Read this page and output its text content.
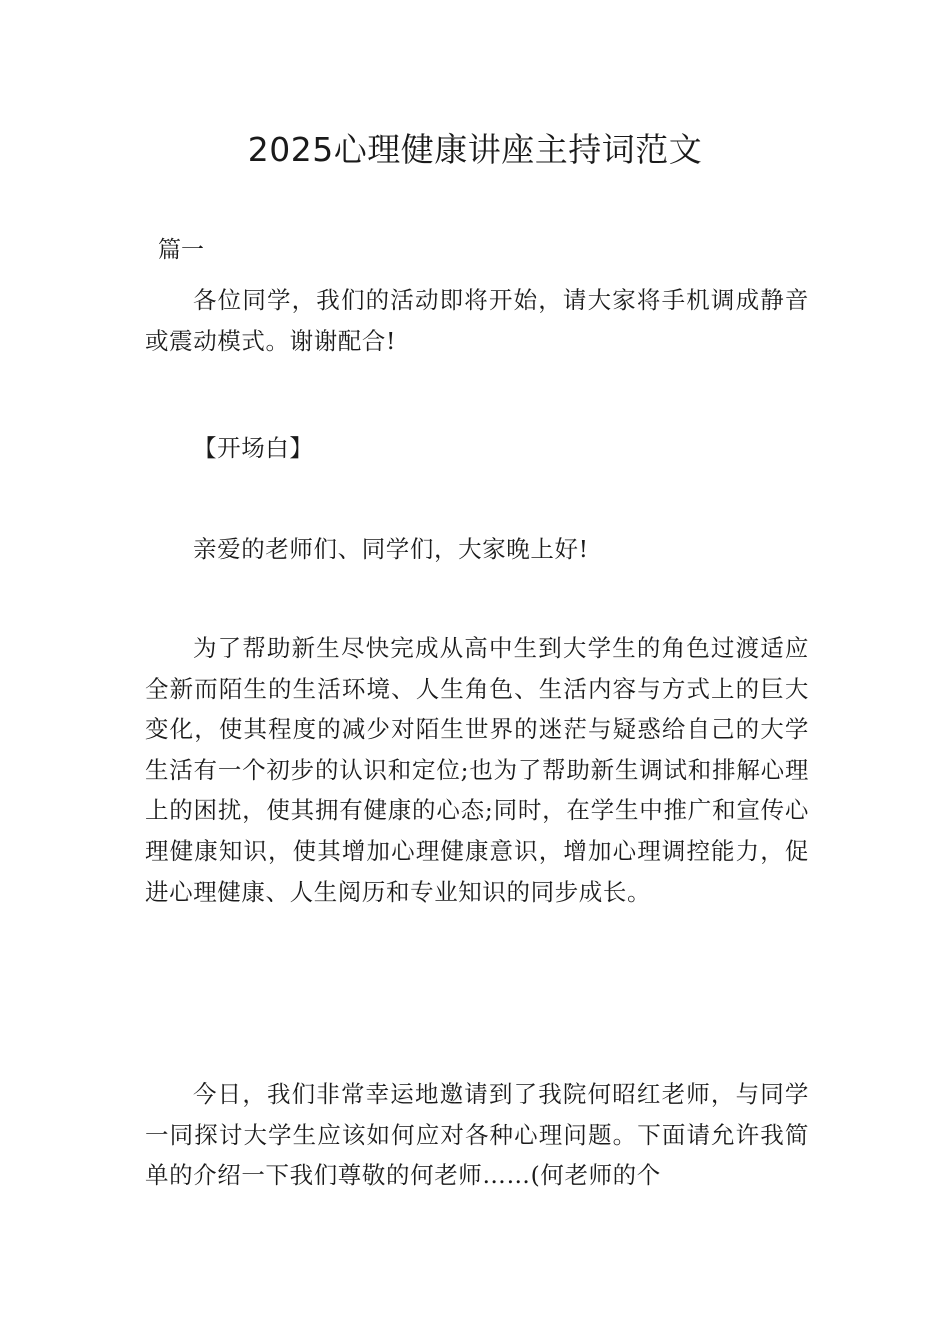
2025心理健康讲座主持词范文

篇一

各位同学，我们的活动即将开始，请大家将手机调成静音或震动模式。谢谢配合!

【开场白】

亲爱的老师们、同学们，大家晚上好!

为了帮助新生尽快完成从高中生到大学生的角色过渡适应全新而陌生的生活环境、人生角色、生活内容与方式上的巨大变化，使其程度的减少对陌生世界的迷茫与疑惑给自己的大学生活有一个初步的认识和定位;也为了帮助新生调试和排解心理上的困扰，使其拥有健康的心态;同时，在学生中推广和宣传心理健康知识，使其增加心理健康意识，增加心理调控能力，促进心理健康、人生阅历和专业知识的同步成长。

今日，我们非常幸运地邀请到了我院何昭红老师，与同学一同探讨大学生应该如何应对各种心理问题。下面请允许我简单的介绍一下我们尊敬的何老师……(何老师的个
